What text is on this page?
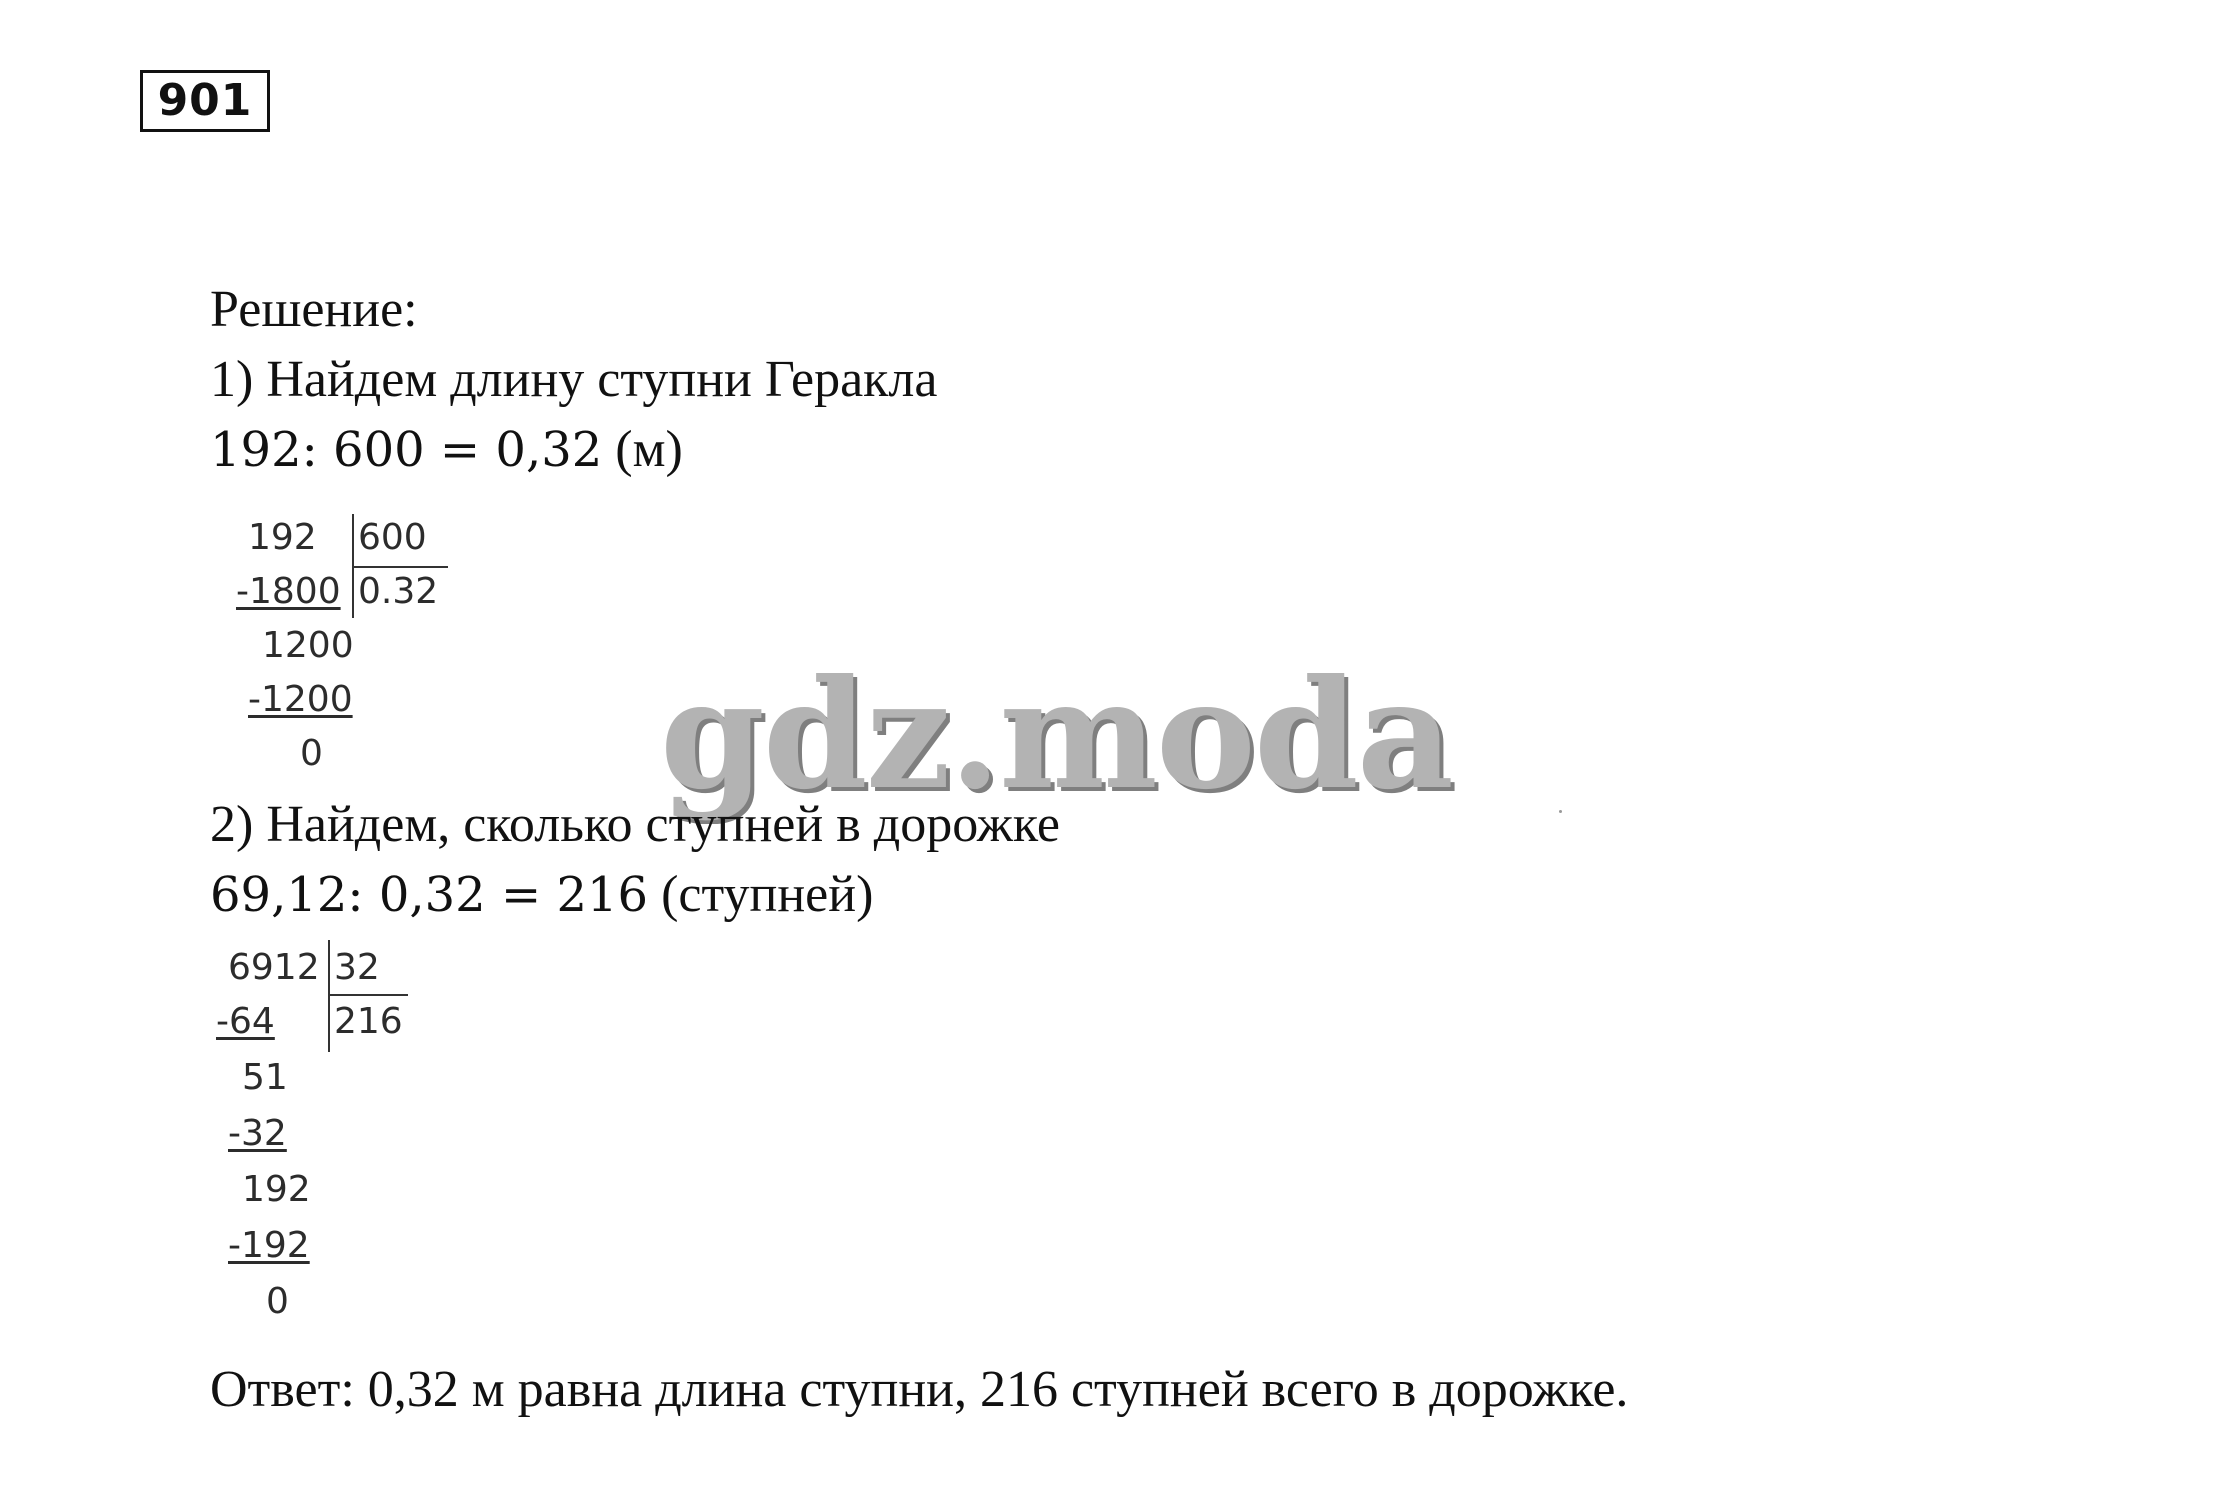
901
Решение:
1) Найдем длину ступни Геракла
192: 600 = 0,32 (м)
192 600
0.32
-1800
1200
-1200
0 gdz.moda
2) Найдем, сколько ступней в дорожке
69,12: 0,32 = 216 (ступней)
6912 32
216
-64
51
-32
192
-192
0
Ответ: 0,32 м равна длина ступни, 216 ступней всего в дорожке.
